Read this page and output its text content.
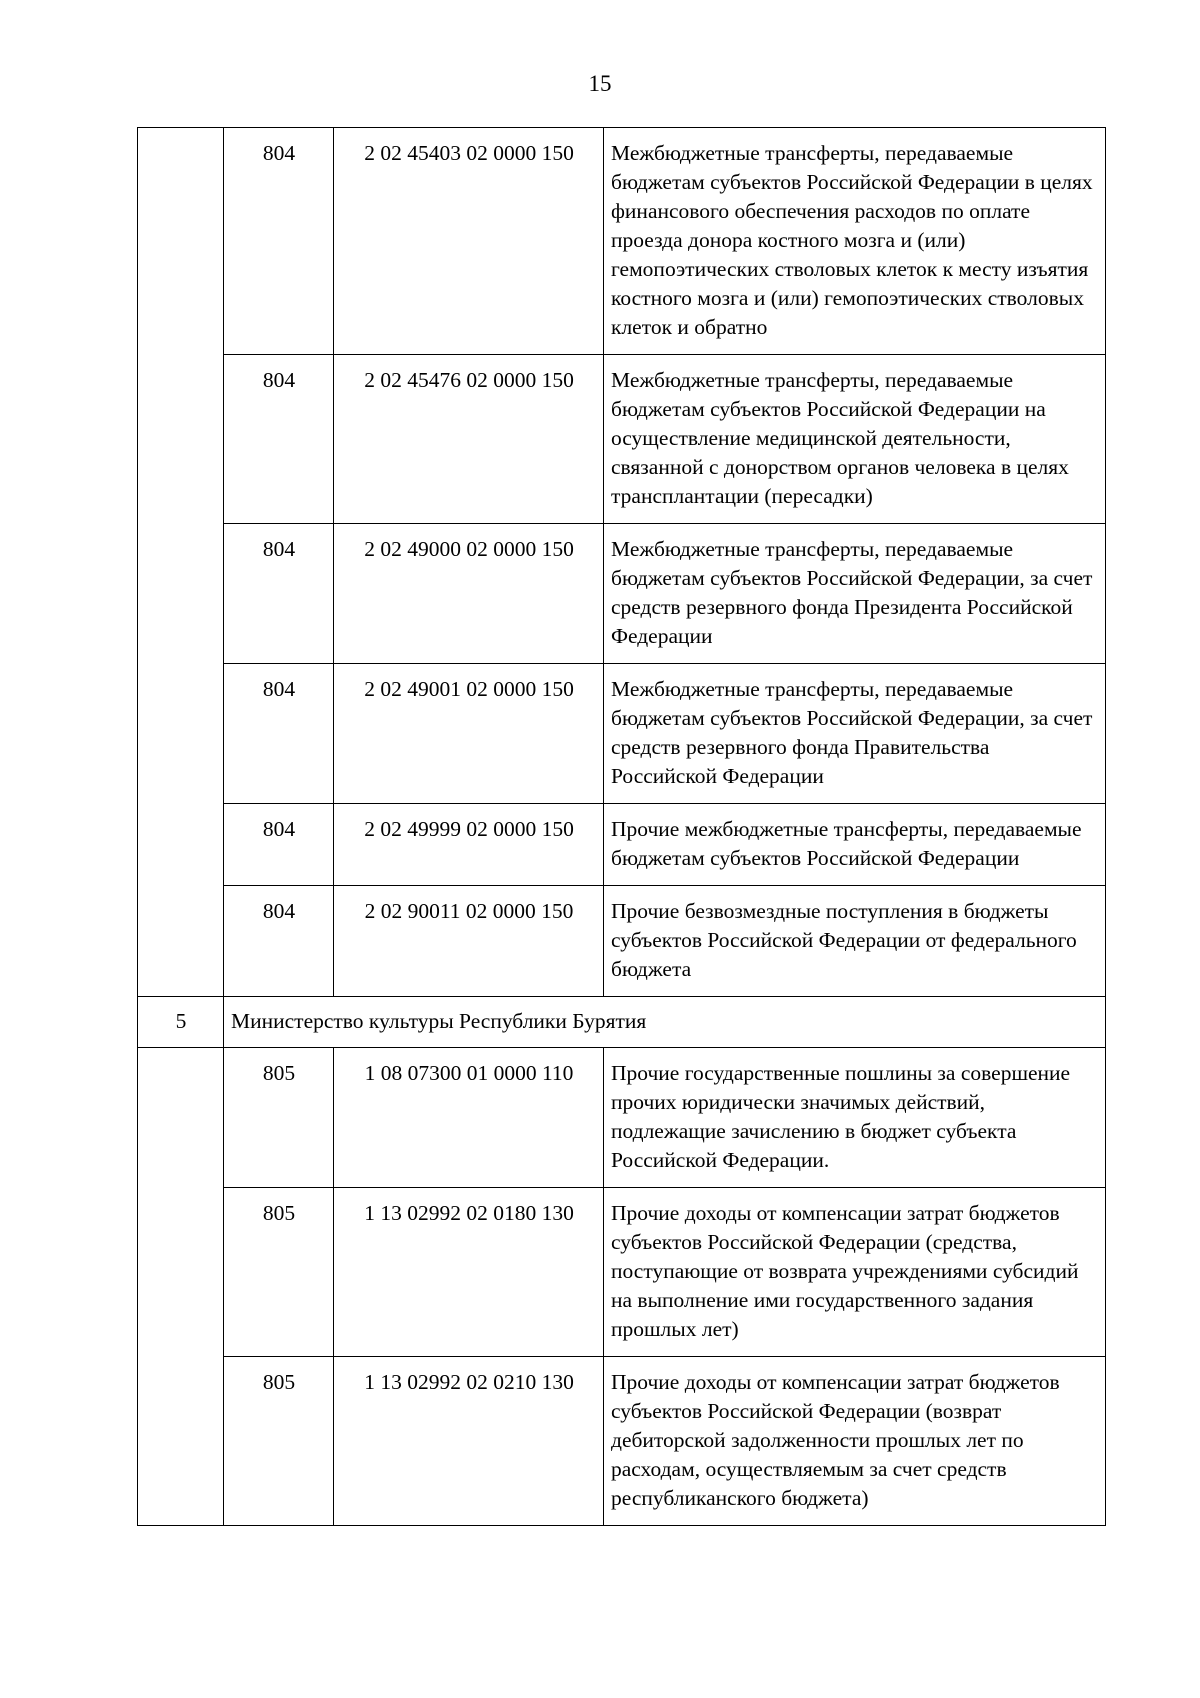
15
	804	2 02 45403 02 0000 150	Межбюджетные трансферты, передаваемые бюджетам субъектов Российской Федерации в целях финансового обеспечения расходов по оплате проезда донора костного мозга и (или) гемопоэтических стволовых клеток к месту изъятия костного мозга и (или) гемопоэтических стволовых клеток и обратно
	804	2 02 45476 02 0000 150	Межбюджетные трансферты, передаваемые бюджетам субъектов Российской Федерации на осуществление медицинской деятельности, связанной с донорством органов человека в целях трансплантации (пересадки)
	804	2 02 49000 02 0000 150	Межбюджетные трансферты, передаваемые бюджетам субъектов Российской Федерации, за счет средств резервного фонда Президента Российской Федерации
	804	2 02 49001 02 0000 150	Межбюджетные трансферты, передаваемые бюджетам субъектов Российской Федерации, за счет средств резервного фонда Правительства Российской Федерации
	804	2 02 49999 02 0000 150	Прочие межбюджетные трансферты, передаваемые бюджетам субъектов Российской Федерации
	804	2 02 90011 02 0000 150	Прочие безвозмездные поступления в бюджеты субъектов Российской Федерации от федерального бюджета
5	Министерство культуры Республики Бурятия		
	805	1 08 07300 01 0000 110	Прочие государственные пошлины за совершение прочих юридически значимых действий, подлежащие зачислению в бюджет субъекта Российской Федерации.
	805	1 13 02992 02 0180 130	Прочие доходы от компенсации затрат бюджетов субъектов Российской Федерации (средства, поступающие от возврата учреждениями субсидий на выполнение ими государственного задания прошлых лет)
	805	1 13 02992 02 0210 130	Прочие доходы от компенсации затрат бюджетов субъектов Российской Федерации (возврат дебиторской задолженности прошлых лет по расходам, осуществляемым за счет средств республиканского бюджета)
